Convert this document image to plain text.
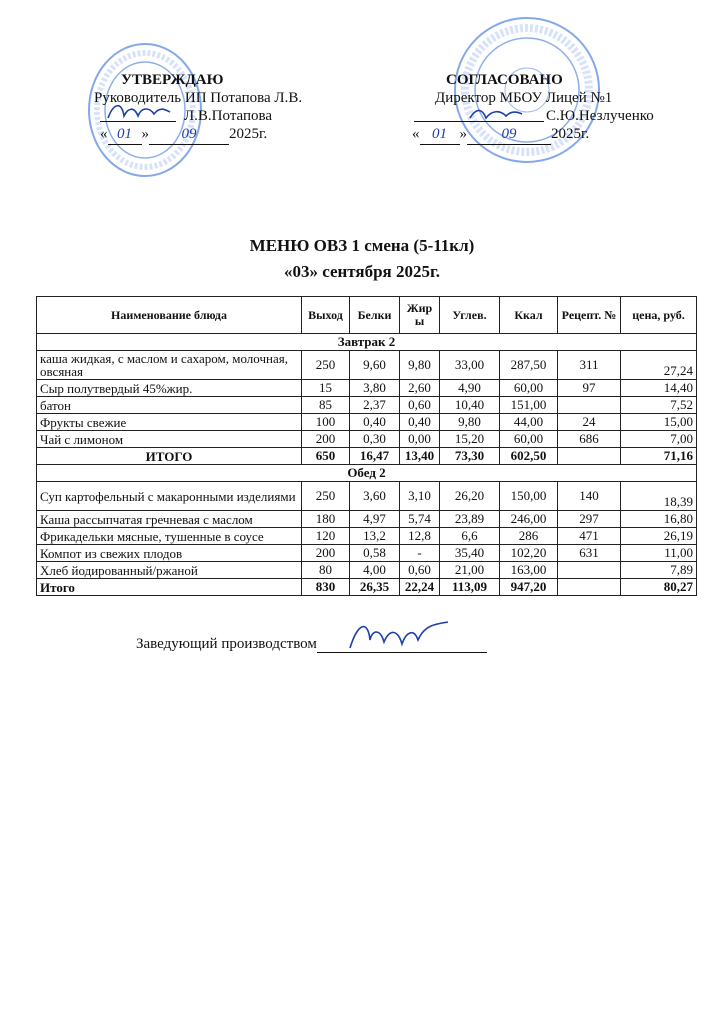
УТВЕРЖДАЮ
Руководитель ИП Потапова Л.В.
Л.В.Потапова
« 01 » 09 2025г.
СОГЛАСОВАНО
Директор МБОУ Лицей №1
С.Ю.Незлученко
« 01 » 09 2025г.
МЕНЮ ОВЗ 1 смена (5-11кл)
«03» сентября 2025г.
Наименование блюда	Выход	Белки	Жир ы	Углев.	Ккал	Рецепт. №	цена, руб.
Завтрак 2							
каша жидкая, с маслом и сахаром, молочная, овсяная	250	9,60	9,80	33,00	287,50	311	27,24
Сыр полутвердый 45%жир.	15	3,80	2,60	4,90	60,00	97	14,40
батон	85	2,37	0,60	10,40	151,00		7,52
Фрукты свежие	100	0,40	0,40	9,80	44,00	24	15,00
Чай с лимоном	200	0,30	0,00	15,20	60,00	686	7,00
ИТОГО	650	16,47	13,40	73,30	602,50		71,16
Обед 2							
Суп картофельный с макаронными изделиями	250	3,60	3,10	26,20	150,00	140	18,39
Каша рассыпчатая гречневая с маслом	180	4,97	5,74	23,89	246,00	297	16,80
Фрикадельки мясные, тушенные в соусе	120	13,2	12,8	6,6	286	471	26,19
Компот из свежих плодов	200	0,58	-	35,40	102,20	631	11,00
Хлеб йодированный/ржаной	80	4,00	0,60	21,00	163,00		7,89
Итого	830	26,35	22,24	113,09	947,20		80,27
Заведующий производством
